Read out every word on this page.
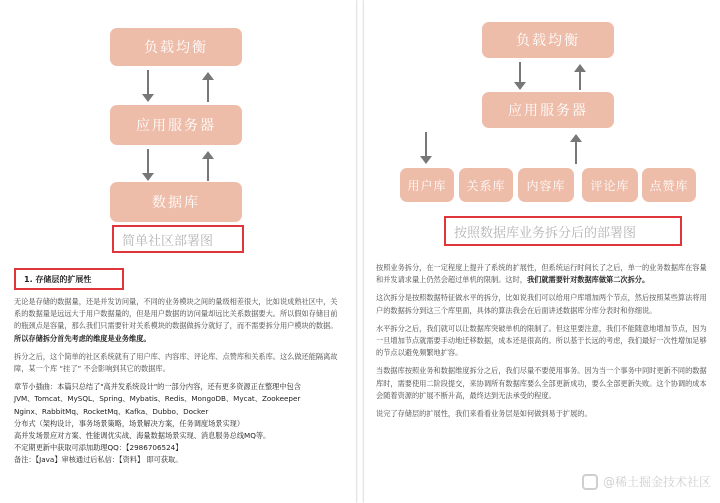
负载均衡
应用服务器
数据库
简单社区部署图
1. 存储层的扩展性

无论是存储的数据量，还是并发访问量，不同的业务模块之间的量级相差很大，比如说成熟社区中，关系的数据量是远远大于用户数据量的，但是用户数据的访问量却远比关系数据要大。所以假如存储目前的瓶颈点是容量，那么我们只需要针对关系模块的数据做拆分就好了，而不需要拆分用户模块的数据。所以存储拆分首先考虑的维度是业务维度。

拆分之后，这个简单的社区系统就有了用户库、内容库、评论库、点赞库和关系库。这么做还能隔离故障，某一个库 “挂了” 不会影响到其它的数据库。

章节小插曲：本篇只总结了"高并发系统设计"的一部分内容，还有更多资源正在整理中包含
JVM、Tomcat、MySQL、Spring、Mybatis、Redis、MongoDB、Mycat、Zookeeper
Nginx、RabbitMq、RocketMq、Kafka、Dubbo、Docker
分布式（架构设计，事务场景策略，场景解决方案，任务调度场景实现）
高并发场景应对方案、性能调优实战、海量数据场景实现、消息服务总线MQ等。
不定期更新中获取可添加助理QQ：【2986706524】
备注：【Java】审核通过后私信：【资料】 即可获取。
负载均衡
应用服务器
用户库	关系库	内容库	评论库	点赞库
按照数据库业务拆分后的部署图

按照业务拆分，在一定程度上提升了系统的扩展性，但系统运行时间长了之后，单一的业务数据库在容量和并发请求量上仍然会超过单机的限制。这时，我们就需要针对数据库做第二次拆分。

这次拆分是按照数据特征做水平的拆分，比如说我们可以给用户库增加两个节点，然后按照某些算法将用户的数据拆分到这三个库里面，具体的算法我会在后面讲述数据库分库分表时和你细说。

水平拆分之后，我们就可以让数据库突破单机的限制了。但这里要注意，我们不能随意地增加节点，因为一旦增加节点就需要手动地迁移数据，成本还是很高的。所以基于长远的考虑，我们最好一次性增加足够的节点以避免频繁地扩容。

当数据库按照业务和数据维度拆分之后，我们尽量不要使用事务。因为当一个事务中同时更新不同的数据库时，需要使用二阶段提交，来协调所有数据库要么全部更新成功，要么全部更新失败。这个协调的成本会随着资源的扩展不断升高，最终达到无法承受的程度。

说完了存储层的扩展性，我们来看看业务层是如何做到易于扩展的。

@稀土掘金技术社区
